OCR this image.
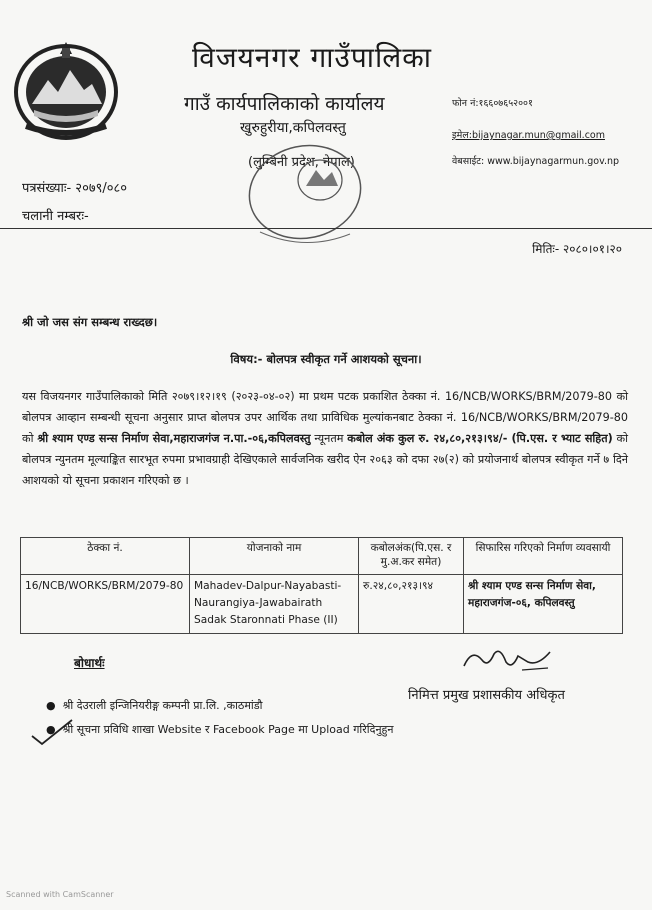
विजयनगर गाउँपालिका
गाउँ कार्यपालिकाको कार्यालय
खुरुहुरीया,कपिलवस्तु
(लुम्बिनी प्रदेश, नेपाल)
फोन नं:१६६०७६५२००१
इमेल:bijaynagar.mun@gmail.com
वेबसाईट: www.bijaynagarmun.gov.np
पत्रसंख्याः- २०७९/०८०
चलानी नम्बरः-
मितिः- २०८०।०१।२०
श्री जो जस संग सम्बन्ध राख्दछ।
विषय:- बोलपत्र स्वीकृत गर्ने आशयको सूचना।
यस विजयनगर गाउँपालिकाको मिति २०७९।१२।१९ (२०२३-०४-०२) मा प्रथम पटक प्रकाशित ठेक्का नं. 16/NCB/WORKS/BRM/2079-80 को बोलपत्र आव्हान सम्बन्धी सूचना अनुसार प्राप्त बोलपत्र उपर आर्थिक तथा प्राविधिक मुल्यांकनबाट ठेक्का नं. 16/NCB/WORKS/BRM/2079-80 को श्री श्याम एण्ड सन्स निर्माण सेवा,महाराजगंज न.पा.-०६,कपिलवस्तु न्यूनतम कबोल अंक कुल रु. २४,८०,२१३।९४/- (पि.एस. र भ्याट सहित) को बोलपत्र न्युनतम मूल्याङ्कित सारभूत रुपमा प्रभावग्राही देखिएकाले सार्वजनिक खरीद ऐन २०६३ को दफा २७(२) को प्रयोजनार्थ बोलपत्र स्वीकृत गर्ने ७ दिने आशयको यो सूचना प्रकाशन गरिएको छ ।
ठेक्का नं.	योजनाको नाम	कबोलअंक(पि.एस. र मु.अ.कर समेत)	सिफारिस गरिएको निर्माण व्यवसायी
16/NCB/WORKS/BRM/2079-80	Mahadev-Dalpur-Nayabasti-Naurangiya-Jawabairath Sadak Staronnati Phase (II)	रु.२४,८०,२१३।९४	श्री श्याम एण्ड सन्स निर्माण सेवा, महाराजगंज-०६, कपिलवस्तु
बोधार्थः
निमित्त प्रमुख प्रशासकीय अधिकृत
●  श्री देउराली इन्जिनियरीङ्ग कम्पनी प्रा.लि. ,काठमांडौ
●  श्री सूचना प्रविधि शाखा Website र Facebook Page मा Upload गरिदिनुहुन
Scanned with CamScanner
